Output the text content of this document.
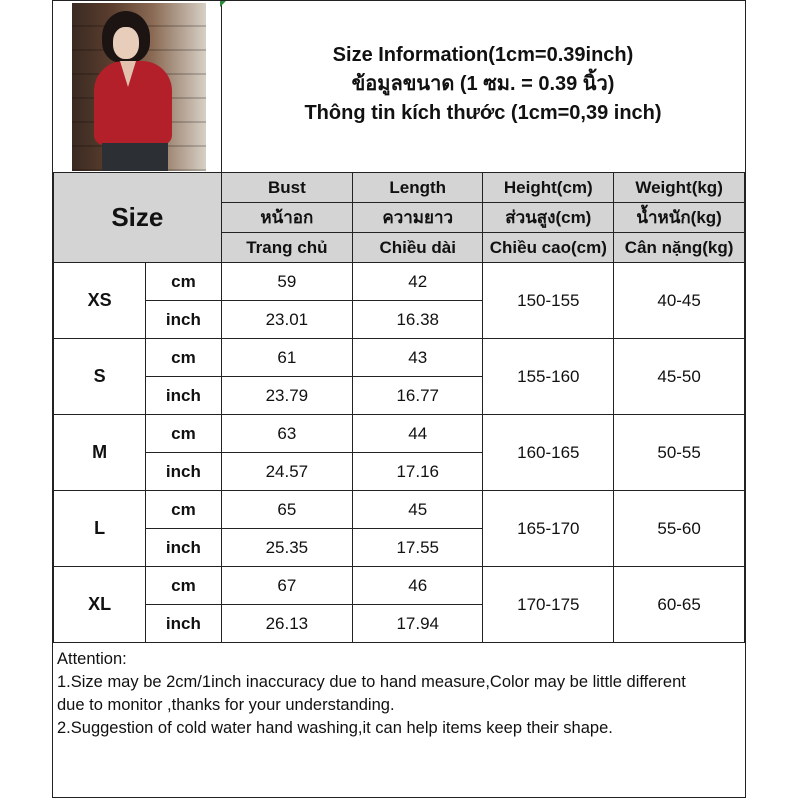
Size Information(1cm=0.39inch)
ข้อมูลขนาด (1 ซม. = 0.39 นิ้ว)
Thông tin kích thước (1cm=0,39 inch)
Size		Bust	Length	Height(cm)	Weight(kg)
		หน้าอก	ความยาว	ส่วนสูง(cm)	น้ำหนัก(kg)
		Trang chủ	Chiều dài	Chiều cao(cm)	Cân nặng(kg)
XS	cm	59	42	150-155	40-45
	inch	23.01	16.38		
S	cm	61	43	155-160	45-50
	inch	23.79	16.77		
M	cm	63	44	160-165	50-55
	inch	24.57	17.16		
L	cm	65	45	165-170	55-60
	inch	25.35	17.55		
XL	cm	67	46	170-175	60-65
	inch	26.13	17.94		
Attention:
1.Size may be 2cm/1inch inaccuracy due to hand measure,Color may be little different
due to monitor ,thanks for your understanding.
2.Suggestion of cold water hand washing,it can help items keep their shape.
